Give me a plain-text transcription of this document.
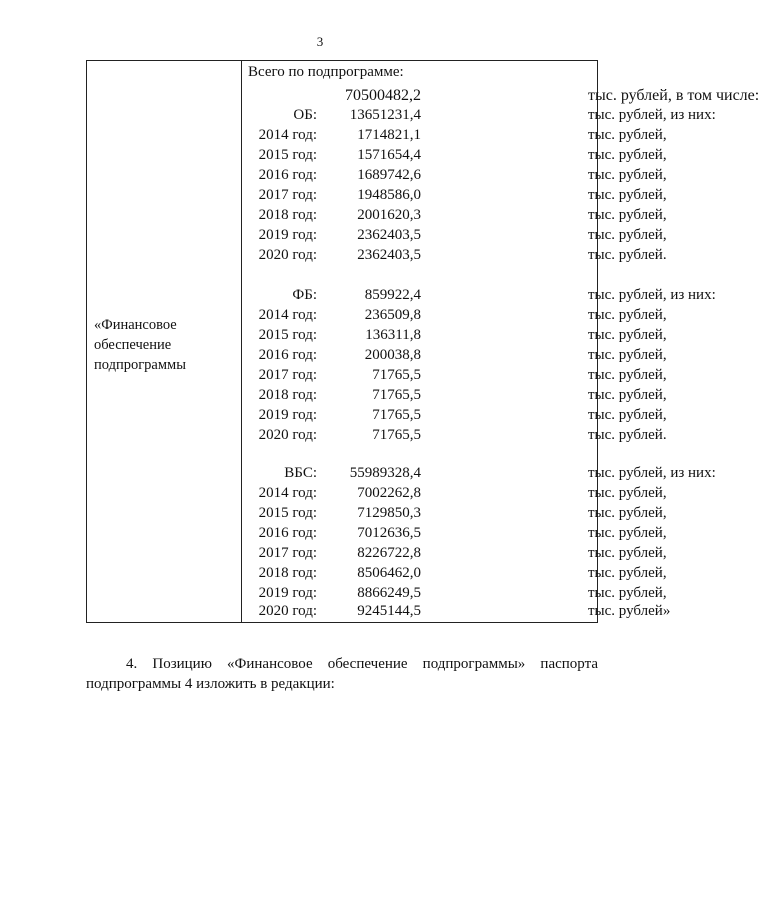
3
«Финансовое
обеспечение
подпрограммы
Всего по подпрограмме:
70500482,2	тыс. рублей, в том числе:
ОБ: 13651231,4	тыс. рублей, из них:
2014 год:	1714821,1	тыс. рублей,
2015 год:	1571654,4	тыс. рублей,
2016 год:	1689742,6	тыс. рублей,
2017 год:	1948586,0	тыс. рублей,
2018 год:	2001620,3	тыс. рублей,
2019 год:	2362403,5	тыс. рублей,
2020 год:	2362403,5	тыс. рублей.
ФБ:	859922,4	тыс. рублей, из них:
2014 год:	236509,8	тыс. рублей,
2015 год:	136311,8	тыс. рублей,
2016 год:	200038,8	тыс. рублей,
2017 год:	71765,5	тыс. рублей,
2018 год:	71765,5	тыс. рублей,
2019 год:	71765,5	тыс. рублей,
2020 год:	71765,5	тыс. рублей.
ВБС: 55989328,4	тыс. рублей, из них:
2014 год:	7002262,8	тыс. рублей,
2015 год:	7129850,3	тыс. рублей,
2016 год:	7012636,5	тыс. рублей,
2017 год:	8226722,8	тыс. рублей,
2018 год:	8506462,0	тыс. рублей,
2019 год:	8866249,5	тыс. рублей,
2020 год:	9245144,5	тыс. рублей»
4. Позицию «Финансовое обеспечение подпрограммы» паспорта
подпрограммы 4 изложить в редакции:
